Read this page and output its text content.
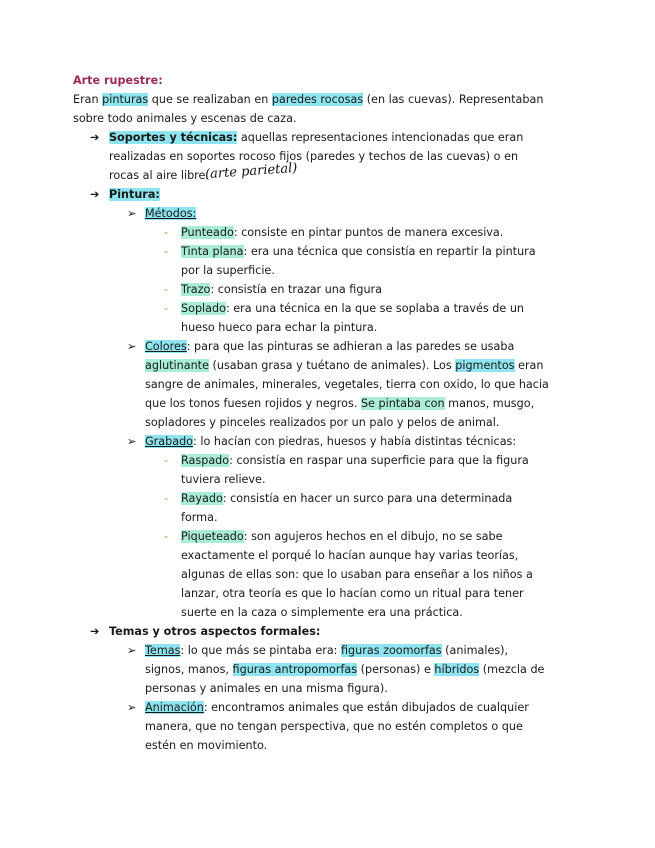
Arte rupestre:
Eran pinturas que se realizaban en paredes rocosas (en las cuevas). Representaban
sobre todo animales y escenas de caza.
➔ Soportes y técnicas: aquellas representaciones intencionadas que eran
realizadas en soportes rocoso fijos (paredes y techos de las cuevas) o en
rocas al aire libre.
(arte parietal)
➔ Pintura:
➢ Métodos:
- Punteado: consiste en pintar puntos de manera excesiva.
- Tinta plana: era una técnica que consistía en repartir la pintura
por la superficie.
- Trazo: consistía en trazar una figura
- Soplado: era una técnica en la que se soplaba a través de un
hueso hueco para echar la pintura.
➢ Colores: para que las pinturas se adhieran a las paredes se usaba
aglutinante (usaban grasa y tuétano de animales). Los pigmentos eran
sangre de animales, minerales, vegetales, tierra con oxido, lo que hacia
que los tonos fuesen rojidos y negros. Se pintaba con manos, musgo,
sopladores y pinceles realizados por un palo y pelos de animal.
➢ Grabado: lo hacían con piedras, huesos y había distintas técnicas:
- Raspado: consistía en raspar una superficie para que la figura
tuviera relieve.
- Rayado: consistía en hacer un surco para una determinada
forma.
- Piqueteado: son agujeros hechos en el dibujo, no se sabe
exactamente el porqué lo hacían aunque hay varias teorías,
algunas de ellas son: que lo usaban para enseñar a los niños a
lanzar, otra teoría es que lo hacían como un ritual para tener
suerte en la caza o simplemente era una práctica.
➔ Temas y otros aspectos formales:
➢ Temas: lo que más se pintaba era: figuras zoomorfas (animales),
signos, manos, figuras antropomorfas (personas) e híbridos (mezcla de
personas y animales en una misma figura).
➢ Animación: encontramos animales que están dibujados de cualquier
manera, que no tengan perspectiva, que no estén completos o que
estén en movimiento.
